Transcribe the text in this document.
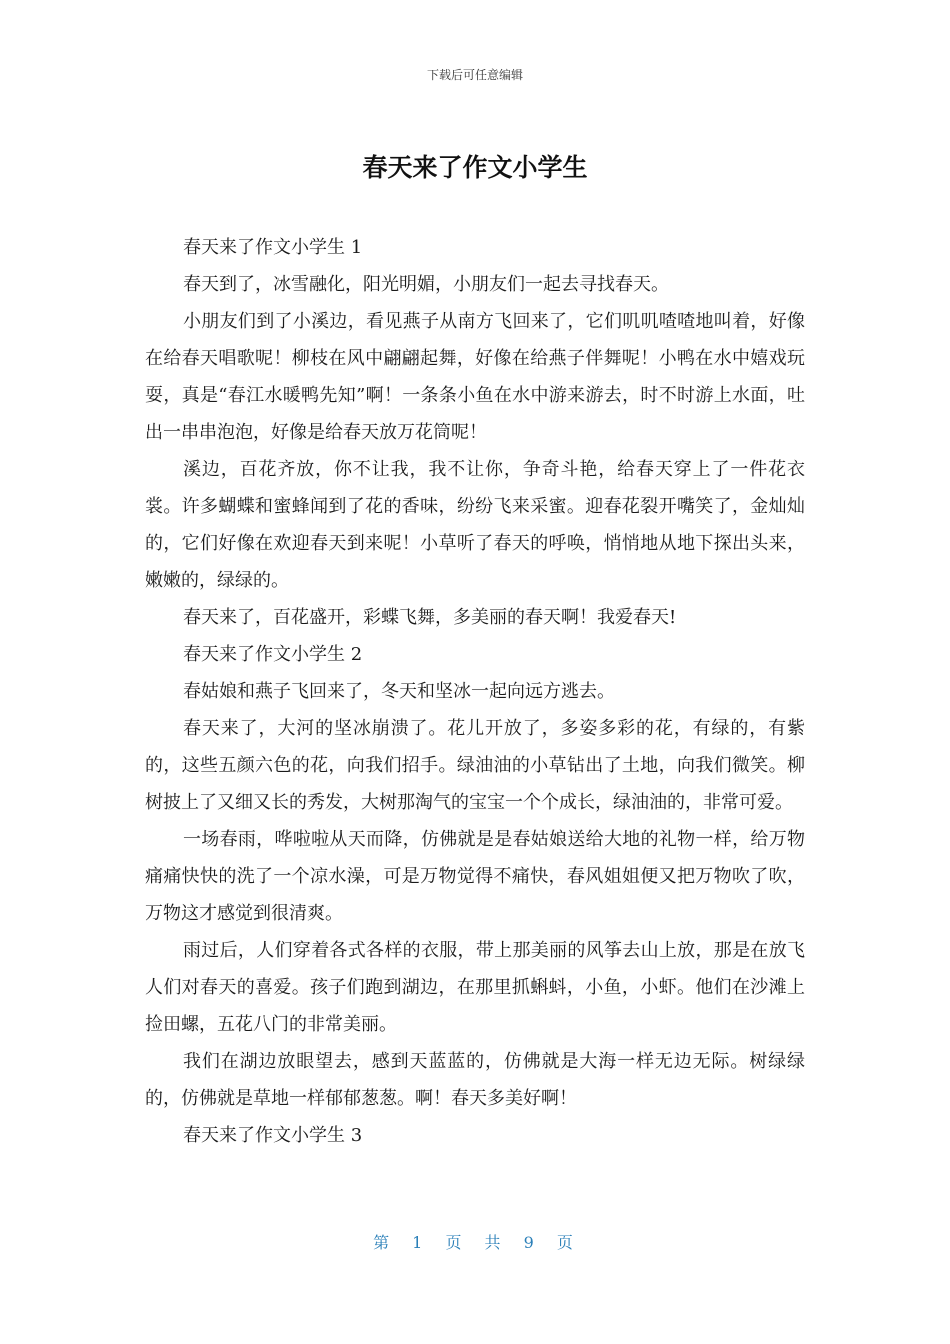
下载后可任意编辑
春天来了作文小学生

春天来了作文小学生 1

春天到了，冰雪融化，阳光明媚，小朋友们一起去寻找春天。

小朋友们到了小溪边，看见燕子从南方飞回来了，它们叽叽喳喳地叫着，好像在给春天唱歌呢！柳枝在风中翩翩起舞，好像在给燕子伴舞呢！小鸭在水中嬉戏玩耍，真是“春江水暖鸭先知”啊！一条条小鱼在水中游来游去，时不时游上水面，吐出一串串泡泡，好像是给春天放万花筒呢！

溪边，百花齐放，你不让我，我不让你，争奇斗艳，给春天穿上了一件花衣裳。许多蝴蝶和蜜蜂闻到了花的香味，纷纷飞来采蜜。迎春花裂开嘴笑了，金灿灿的，它们好像在欢迎春天到来呢！小草听了春天的呼唤，悄悄地从地下探出头来，嫩嫩的，绿绿的。

春天来了，百花盛开，彩蝶飞舞，多美丽的春天啊！我爱春天!

春天来了作文小学生 2

春姑娘和燕子飞回来了，冬天和坚冰一起向远方逃去。

春天来了，大河的坚冰崩溃了。花儿开放了，多姿多彩的花，有绿的，有紫的，这些五颜六色的花，向我们招手。绿油油的小草钻出了土地，向我们微笑。柳树披上了又细又长的秀发，大树那淘气的宝宝一个个成长，绿油油的，非常可爱。

一场春雨，哗啦啦从天而降，仿佛就是是春姑娘送给大地的礼物一样，给万物痛痛快快的洗了一个凉水澡，可是万物觉得不痛快，春风姐姐便又把万物吹了吹，万物这才感觉到很清爽。

雨过后，人们穿着各式各样的衣服，带上那美丽的风筝去山上放，那是在放飞人们对春天的喜爱。孩子们跑到湖边，在那里抓蝌蚪，小鱼，小虾。他们在沙滩上捡田螺，五花八门的非常美丽。

我们在湖边放眼望去，感到天蓝蓝的，仿佛就是大海一样无边无际。树绿绿的，仿佛就是草地一样郁郁葱葱。啊！春天多美好啊！

春天来了作文小学生 3

第 1 页 共 9 页
